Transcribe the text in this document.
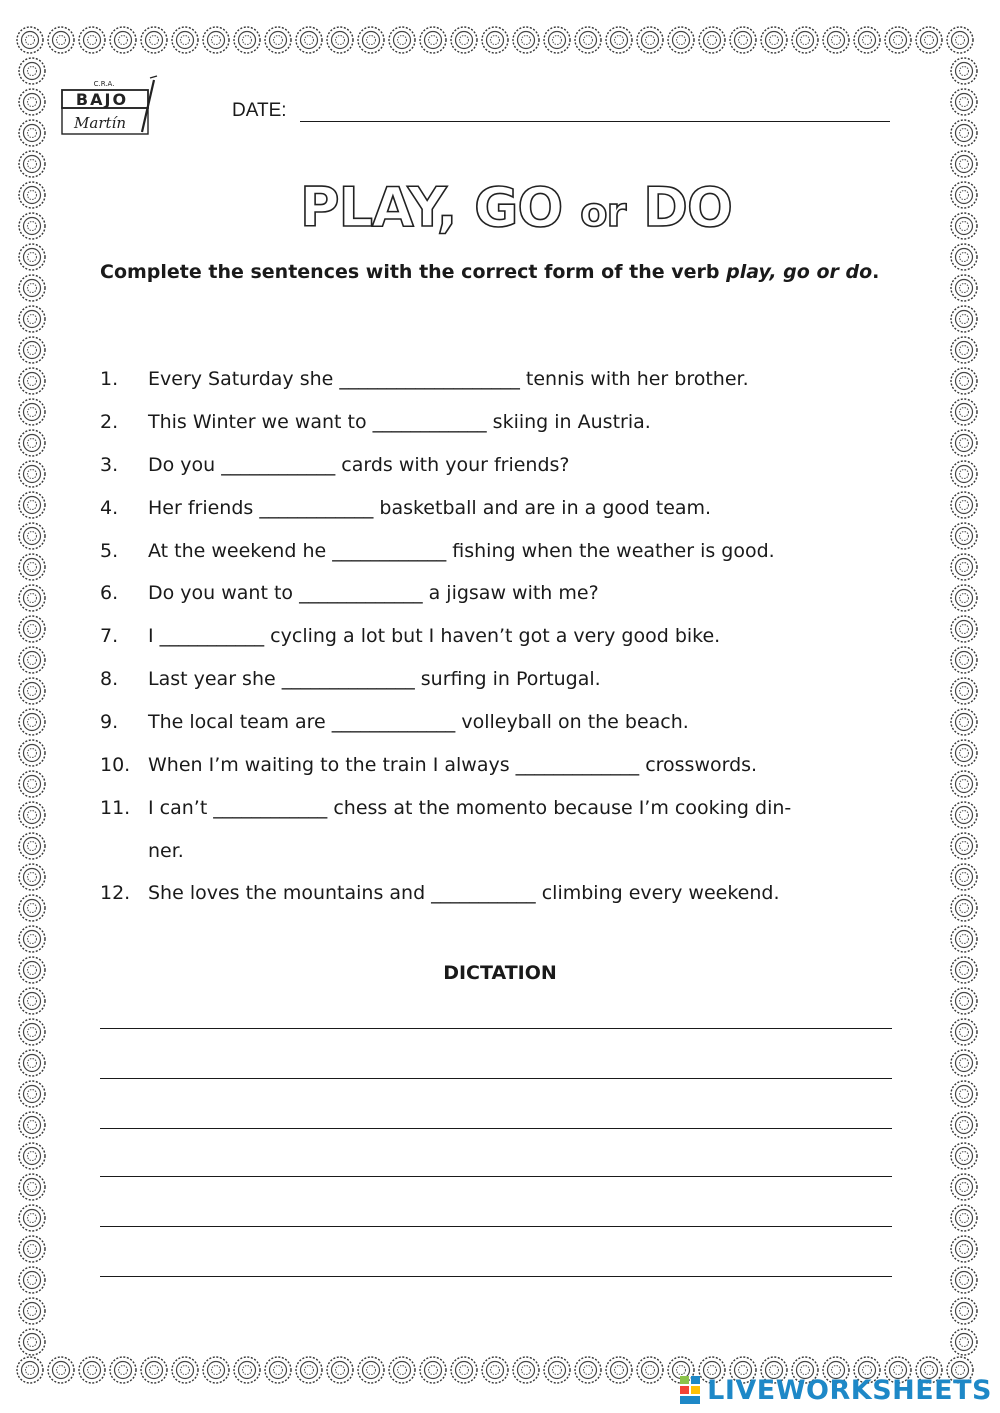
C.R.A.
BAJO
Martín
DATE:
PLAY, GO or DO
Complete the sentences with the correct form of the verb play, go or do.
1.	Every Saturday she ___________________ tennis with her brother.
2.	This Winter we want to ____________ skiing in Austria.
3.	Do you ____________ cards with your friends?
4.	Her friends ____________ basketball and are in a good team.
5.	At the weekend he ____________ fishing when the weather is good.
6.	Do you want to _____________ a jigsaw with me?
7.	I ___________ cycling a lot but I haven’t got a very good bike.
8.	Last year she ______________ surfing in Portugal.
9.	The local team are _____________ volleyball on the beach.
10. When I’m waiting to the train I always _____________ crosswords.
11. I can’t ____________ chess at the momento because I’m cooking din-
ner.
12. She loves the mountains and ___________ climbing every weekend.
DICTATION
LIVEWORKSHEETS
